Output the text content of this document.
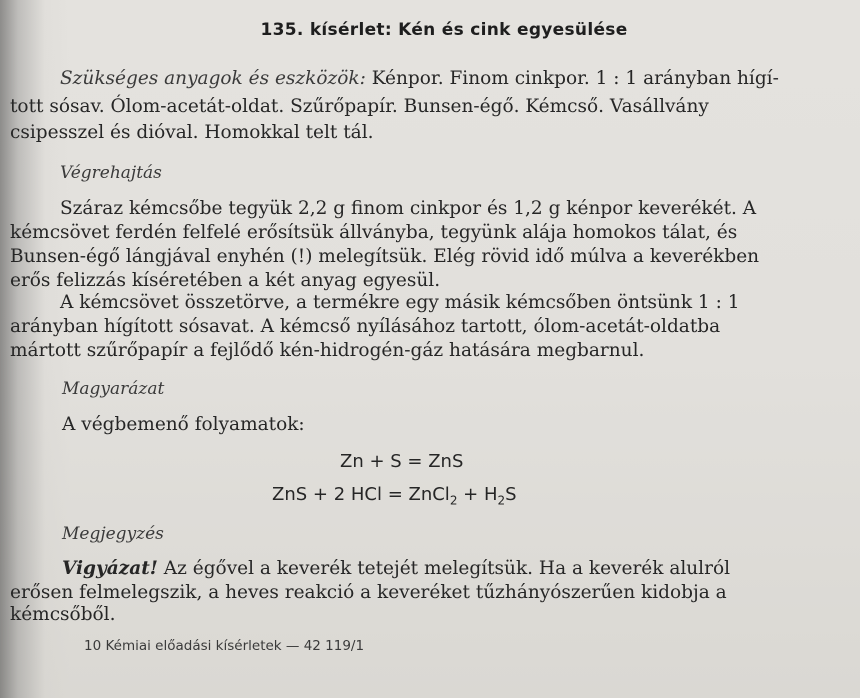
135. kísérlet: Kén és cink egyesülése
Szükséges anyagok és eszközök: Kénpor. Finom cinkpor. 1 : 1 arányban hígí-
tott sósav. Ólom-acetát-oldat. Szűrőpapír. Bunsen-égő. Kémcső. Vasállvány
csipesszel és dióval. Homokkal telt tál.
Végrehajtás
Száraz kémcsőbe tegyük 2,2 g finom cinkpor és 1,2 g kénpor keverékét. A
kémcsövet ferdén felfelé erősítsük állványba, tegyünk alája homokos tálat, és
Bunsen-égő lángjával enyhén (!) melegítsük. Elég rövid idő múlva a keverékben
erős felizzás kíséretében a két anyag egyesül.
A kémcsövet összetörve, a termékre egy másik kémcsőben öntsünk 1 : 1
arányban hígított sósavat. A kémcső nyílásához tartott, ólom-acetát-oldatba
mártott szűrőpapír a fejlődő kén-hidrogén-gáz hatására megbarnul.
Magyarázat
A végbemenő folyamatok:
Zn + S = ZnS
ZnS + 2 HCl = ZnCl$_2$ + $H_2S$
Megjegyzés
Vigyázat! Az égővel a keverék tetejét melegítsük. Ha a keverék alulról
erősen felmelegszik, a heves reakció a keveréket tűzhányószerűen kidobja a
kémcsőből.
10 Kémiai előadási kísérletek — 42 119/1
